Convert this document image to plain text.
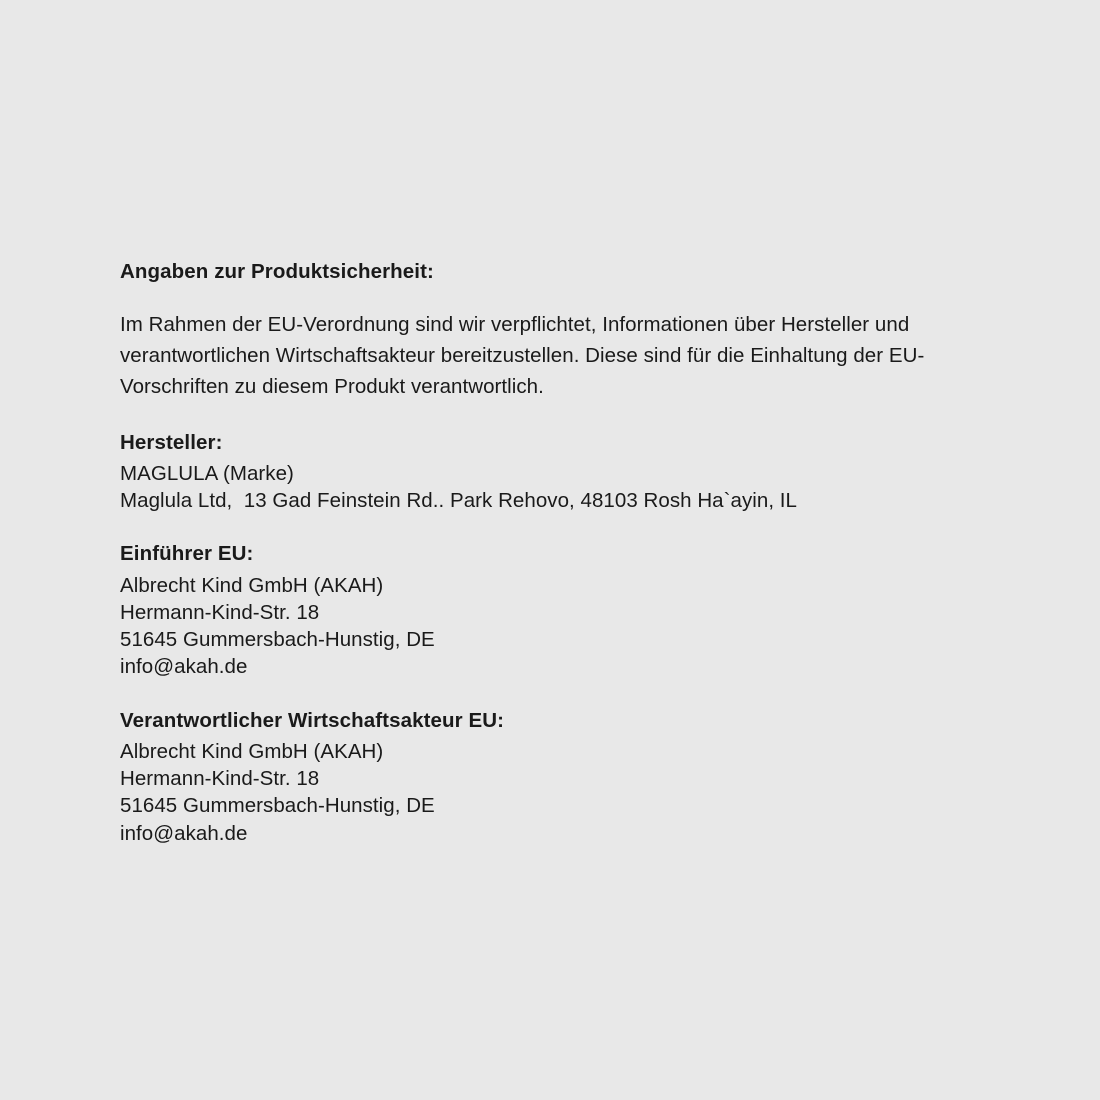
Angaben zur Produktsicherheit:

Im Rahmen der EU-Verordnung sind wir verpflichtet, Informationen über Hersteller und verantwortlichen Wirtschaftsakteur bereitzustellen. Diese sind für die Einhaltung der EU-Vorschriften zu diesem Produkt verantwortlich.

Hersteller:

MAGLULA (Marke)

Maglula Ltd,  13 Gad Feinstein Rd.. Park Rehovo, 48103 Rosh Ha`ayin, IL

Einführer EU:

Albrecht Kind GmbH (AKAH)

Hermann-Kind-Str. 18

51645 Gummersbach-Hunstig, DE

info@akah.de

Verantwortlicher Wirtschaftsakteur EU:

Albrecht Kind GmbH (AKAH)

Hermann-Kind-Str. 18

51645 Gummersbach-Hunstig, DE

info@akah.de
